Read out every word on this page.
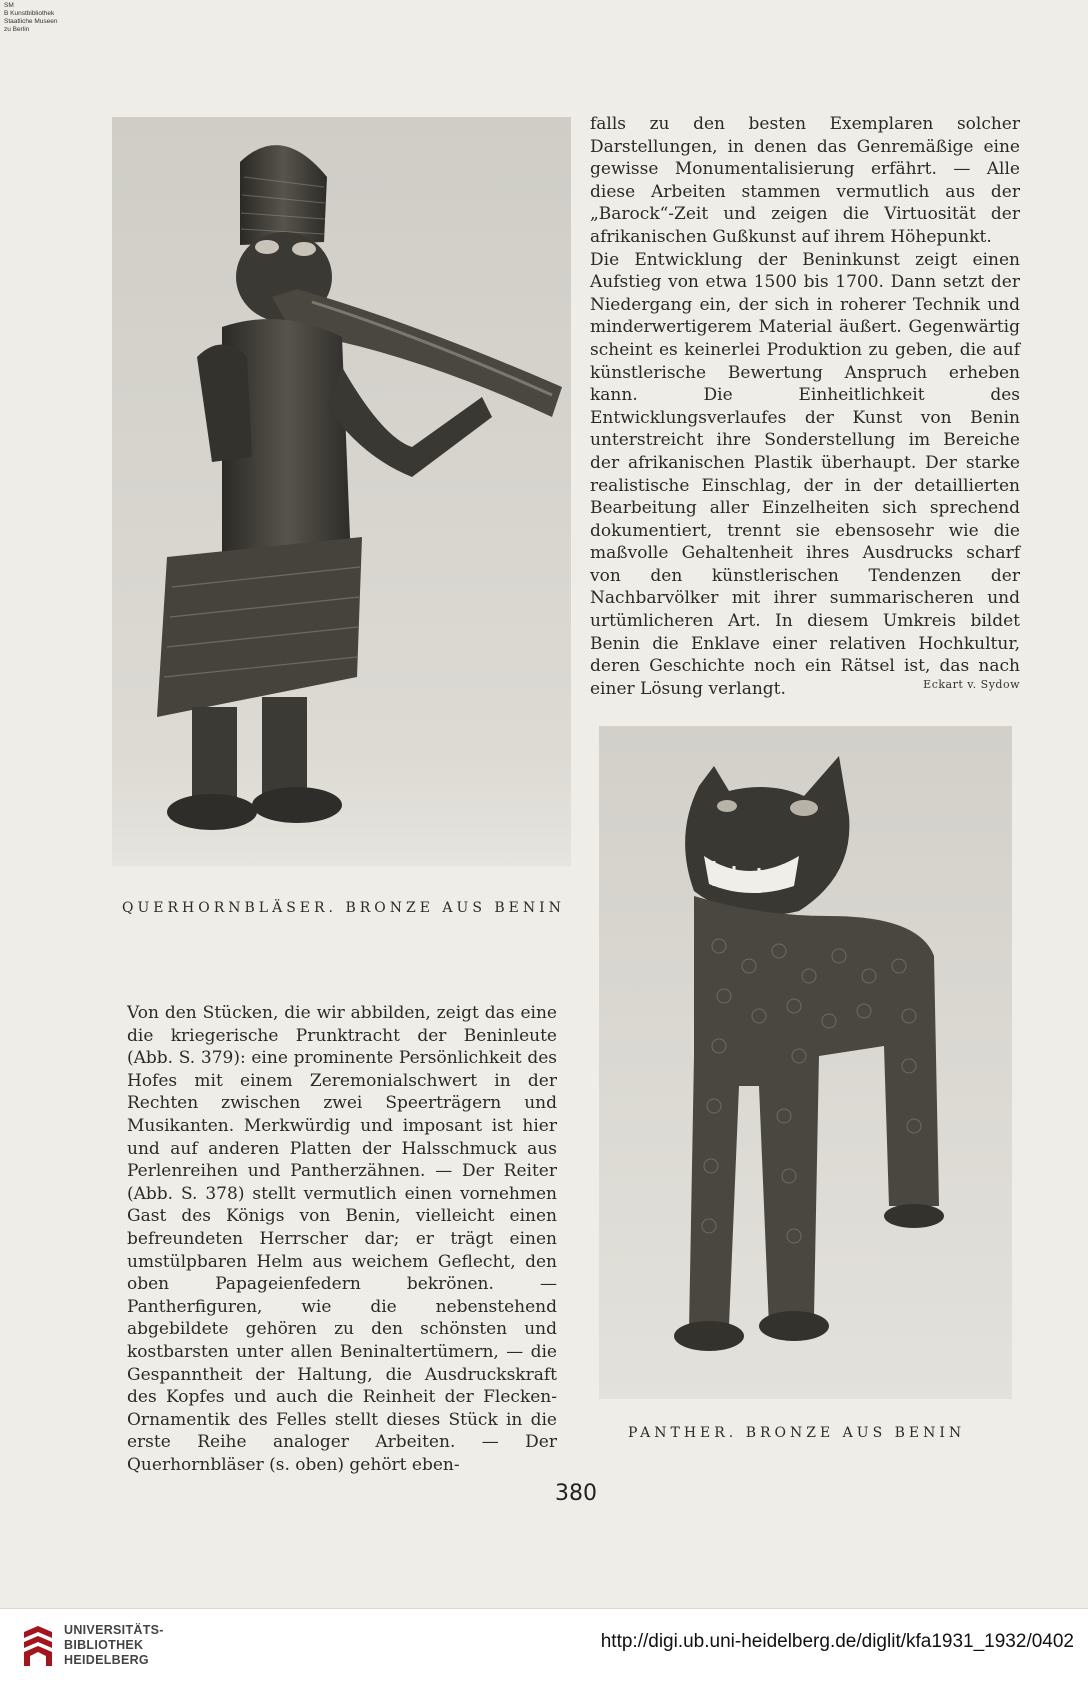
SM
B Kunstbibliothek
Staatliche Museen
zu Berlin
QUERHORNBLÄSER. BRONZE AUS BENIN

falls zu den besten Exemplaren solcher Darstellungen, in denen das Genremäßige eine gewisse Monumentalisierung erfährt. — Alle diese Arbeiten stammen vermutlich aus der „Barock“-Zeit und zeigen die Virtuosität der afrikanischen Gußkunst auf ihrem Höhepunkt.

Die Entwicklung der Beninkunst zeigt einen Aufstieg von etwa 1500 bis 1700. Dann setzt der Niedergang ein, der sich in roherer Technik und minderwertigerem Material äußert. Gegenwärtig scheint es keinerlei Produktion zu geben, die auf künstlerische Bewertung Anspruch erheben kann. Die Einheitlichkeit des Entwicklungsverlaufes der Kunst von Benin unterstreicht ihre Sonderstellung im Bereiche der afrikanischen Plastik überhaupt. Der starke realistische Einschlag, der in der detaillierten Bearbeitung aller Einzelheiten sich sprechend dokumentiert, trennt sie ebensosehr wie die maßvolle Gehaltenheit ihres Ausdrucks scharf von den künstlerischen Tendenzen der Nachbarvölker mit ihrer summarischeren und urtümlicheren Art. In diesem Umkreis bildet Benin die Enklave einer relativen Hochkultur, deren Geschichte noch ein Rätsel ist, das nach einer Lösung verlangt.	Eckart v. Sydow
PANTHER. BRONZE AUS BENIN

Von den Stücken, die wir abbilden, zeigt das eine die kriegerische Prunktracht der Beninleute (Abb. S. 379): eine prominente Persönlichkeit des Hofes mit einem Zeremonialschwert in der Rechten zwischen zwei Speerträgern und Musikanten. Merkwürdig und imposant ist hier und auf anderen Platten der Halsschmuck aus Perlenreihen und Pantherzähnen. — Der Reiter (Abb. S. 378) stellt vermutlich einen vornehmen Gast des Königs von Benin, vielleicht einen befreundeten Herrscher dar; er trägt einen umstülpbaren Helm aus weichem Geflecht, den oben Papageienfedern bekrönen. — Pantherfiguren, wie die nebenstehend abgebildete gehören zu den schönsten und kostbarsten unter allen Beninaltertümern, — die Gespanntheit der Haltung, die Ausdruckskraft des Kopfes und auch die Reinheit der Flecken-Ornamentik des Felles stellt dieses Stück in die erste Reihe analoger Arbeiten. — Der Querhornbläser (s. oben) gehört eben-

380
UNIVERSITÄTS-
BIBLIOTHEK
HEIDELBERG
http://digi.ub.uni-heidelberg.de/diglit/kfa1931_1932/0402
